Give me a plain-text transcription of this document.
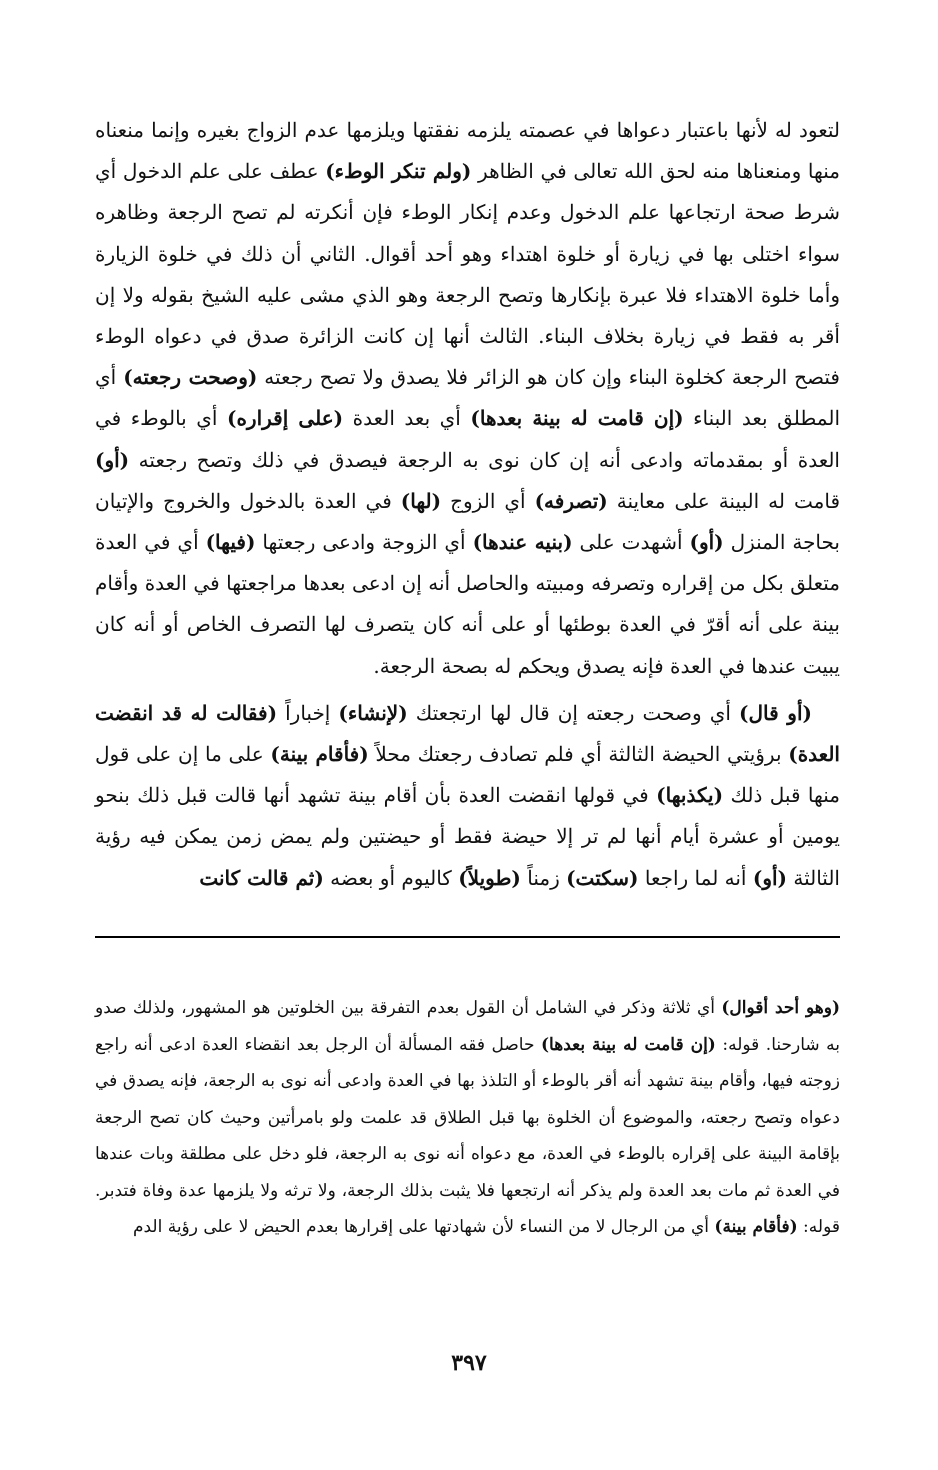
لتعود له لأنها باعتبار دعواها في عصمته يلزمه نفقتها ويلزمها عدم الزواج بغيره وإنما منعناه منها ومنعناها منه لحق الله تعالى في الظاهر (ولم تنكر الوطء) عطف على علم الدخول أي شرط صحة ارتجاعها علم الدخول وعدم إنكار الوطء فإن أنكرته لم تصح الرجعة وظاهره سواء اختلى بها في زيارة أو خلوة اهتداء وهو أحد أقوال. الثاني أن ذلك في خلوة الزيارة وأما خلوة الاهتداء فلا عبرة بإنكارها وتصح الرجعة وهو الذي مشى عليه الشيخ بقوله ولا إن أقر به فقط في زيارة بخلاف البناء. الثالث أنها إن كانت الزائرة صدق في دعواه الوطء فتصح الرجعة كخلوة البناء وإن كان هو الزائر فلا يصدق ولا تصح رجعته (وصحت رجعته) أي المطلق بعد البناء (إن قامت له بينة بعدها) أي بعد العدة (على إقراره) أي بالوطء في العدة أو بمقدماته وادعى أنه إن كان نوى به الرجعة فيصدق في ذلك وتصح رجعته (أو) قامت له البينة على معاينة (تصرفه) أي الزوج (لها) في العدة بالدخول والخروج والإتيان بحاجة المنزل (أو) أشهدت على (بنيه عندها) أي الزوجة وادعى رجعتها (فيها) أي في العدة متعلق بكل من إقراره وتصرفه ومبيته والحاصل أنه إن ادعى بعدها مراجعتها في العدة وأقام بينة على أنه أقرّ في العدة بوطئها أو على أنه كان يتصرف لها التصرف الخاص أو أنه كان يبيت عندها في العدة فإنه يصدق ويحكم له بصحة الرجعة.

(أو قال) أي وصحت رجعته إن قال لها ارتجعتك (لإنشاء) إخباراً (فقالت له قد انقضت العدة) برؤيتي الحيضة الثالثة أي فلم تصادف رجعتك محلاً (فأقام بينة) على ما إن على قول منها قبل ذلك (يكذبها) في قولها انقضت العدة بأن أقام بينة تشهد أنها قالت قبل ذلك بنحو يومين أو عشرة أيام أنها لم تر إلا حيضة فقط أو حيضتين ولم يمض زمن يمكن فيه رؤية الثالثة (أو) أنه لما راجعا (سكتت) زمناً (طويلاً) كاليوم أو بعضه (ثم قالت كانت

(وهو أحد أقوال) أي ثلاثة وذكر في الشامل أن القول بعدم التفرقة بين الخلوتين هو المشهور، ولذلك صدو به شارحنا. قوله: (إن قامت له بينة بعدها) حاصل فقه المسألة أن الرجل بعد انقضاء العدة ادعى أنه راجع زوجته فيها، وأقام بينة تشهد أنه أقر بالوطء أو التلذذ بها في العدة وادعى أنه نوى به الرجعة، فإنه يصدق في دعواه وتصح رجعته، والموضوع أن الخلوة بها قبل الطلاق قد علمت ولو بامرأتين وحيث كان تصح الرجعة بإقامة البينة على إقراره بالوطء في العدة، مع دعواه أنه نوى به الرجعة، فلو دخل على مطلقة وبات عندها في العدة ثم مات بعد العدة ولم يذكر أنه ارتجعها فلا يثبت بذلك الرجعة، ولا ترثه ولا يلزمها عدة وفاة فتدبر. قوله: (فأقام بينة) أي من الرجال لا من النساء لأن شهادتها على إقرارها بعدم الحيض لا على رؤية الدم

٣٩٧
